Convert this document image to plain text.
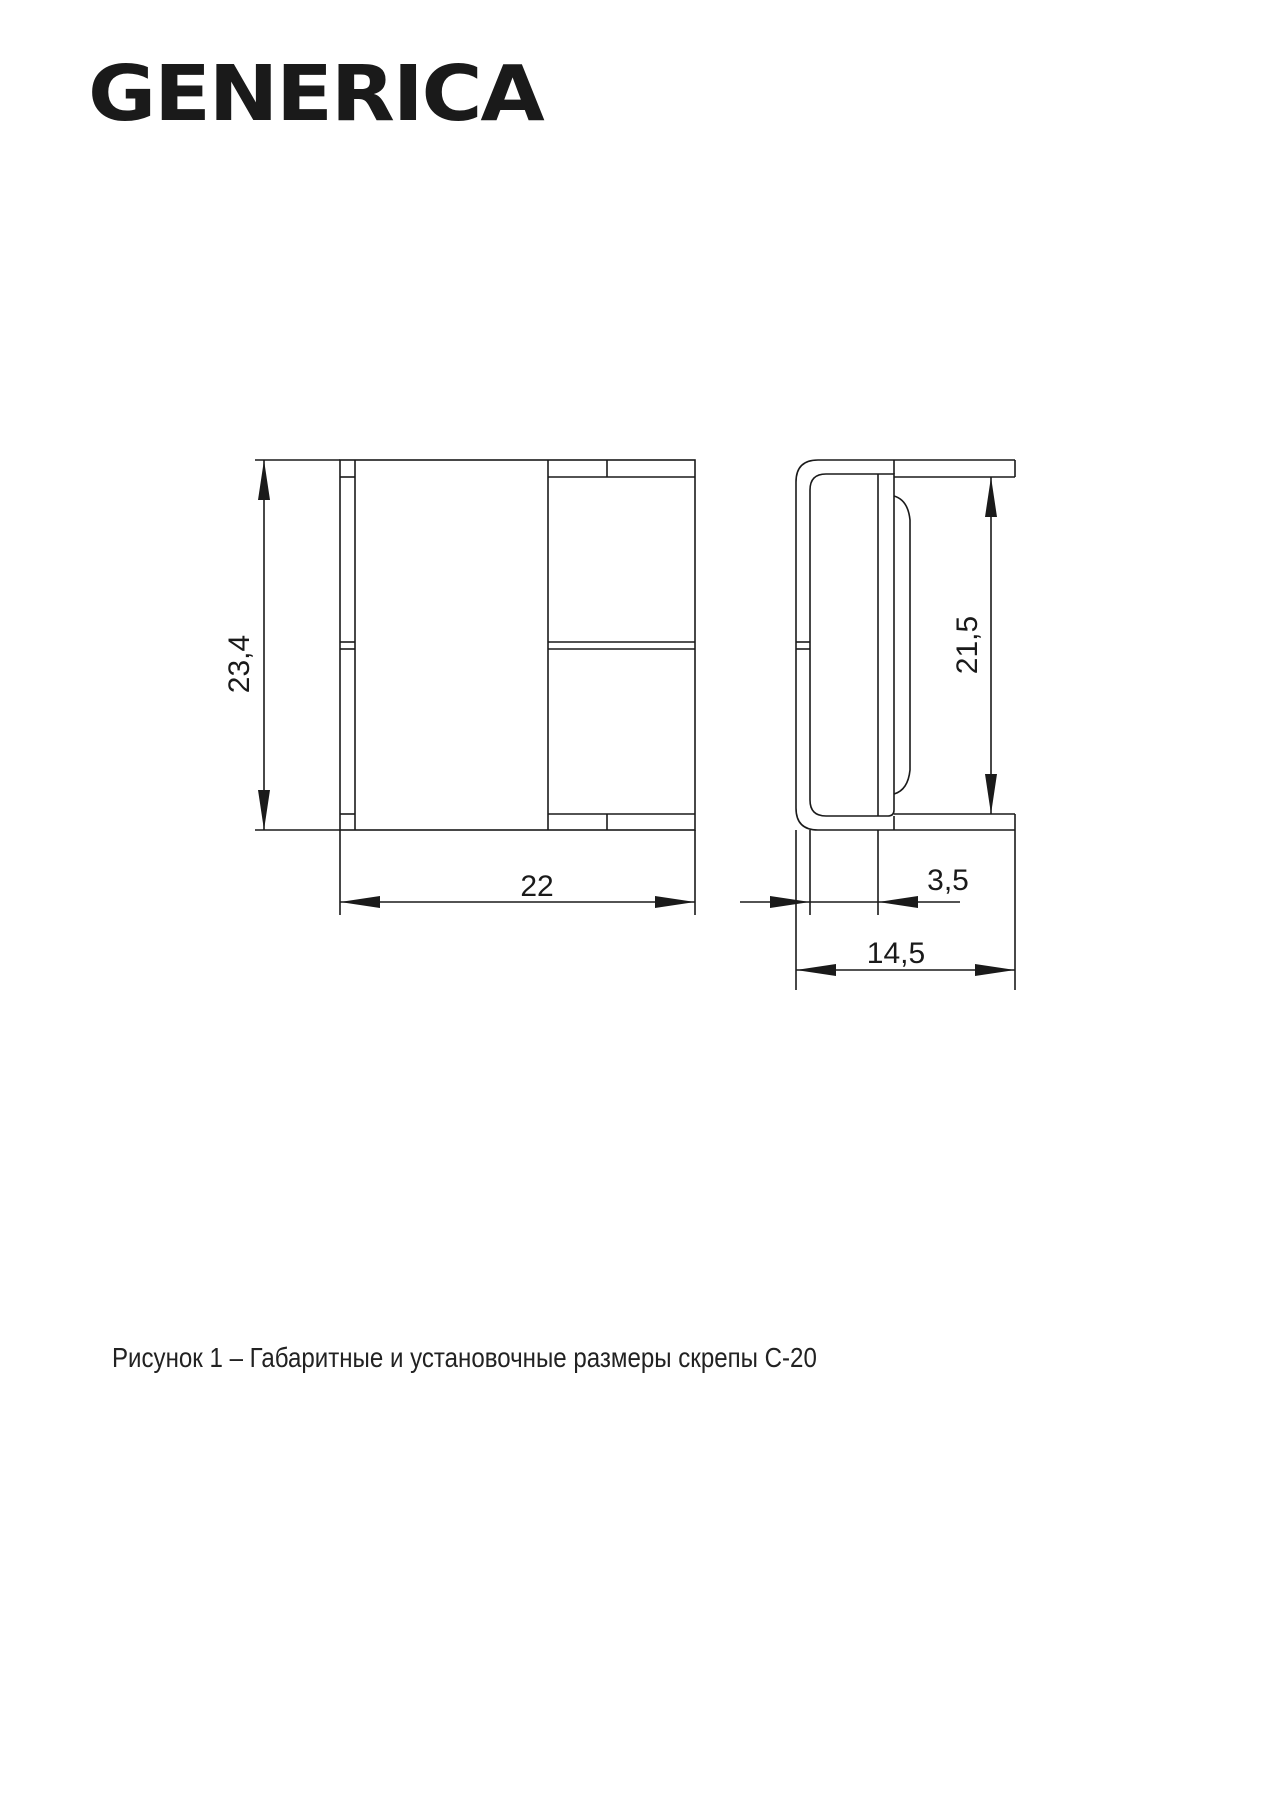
GENERICA
23,4
22
21,5
3,5
14,5
Рисунок 1 – Габаритные и установочные размеры скрепы С-20
